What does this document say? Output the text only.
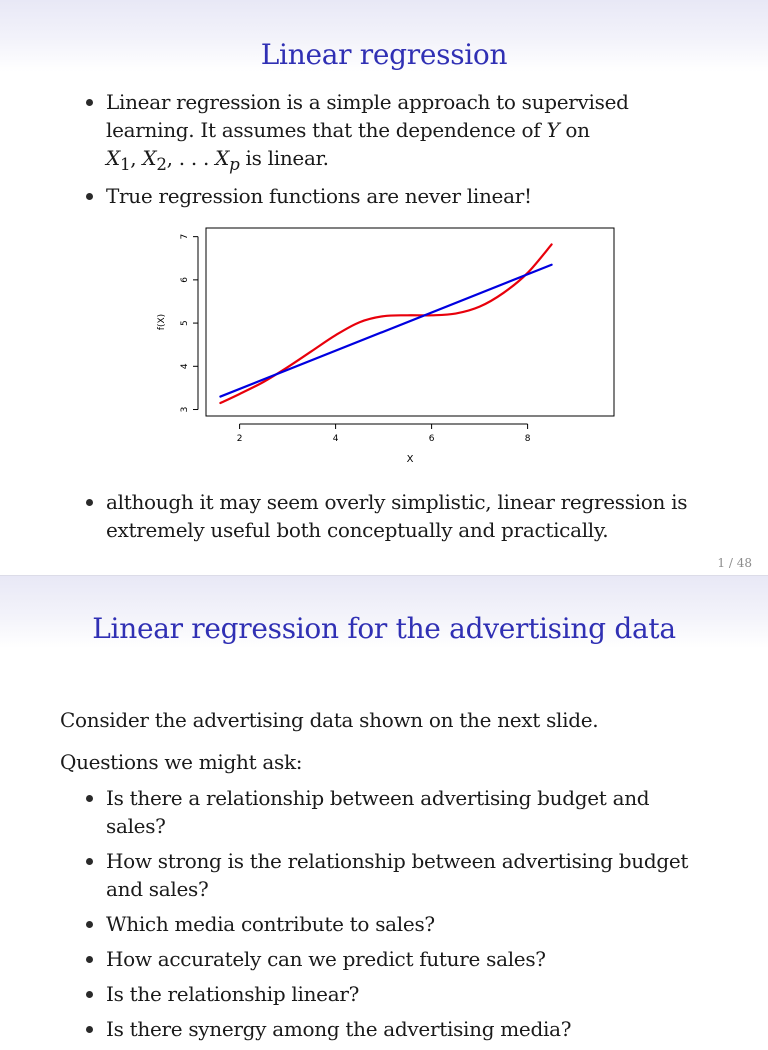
Linear regression
Linear regression is a simple approach to supervised
learning. It assumes that the dependence of Y on
$X_1$, $X_2$, . . . $X_p$ is linear.
True regression functions are never linear!
2	4	6	8
X
3
4
5
6
7
f(X)
although it may seem overly simplistic, linear regression is
extremely useful both conceptually and practically.
1 / 48
Linear regression for the advertising data
Consider the advertising data shown on the next slide.
Questions we might ask:
Is there a relationship between advertising budget and
sales?
How strong is the relationship between advertising budget
and sales?
Which media contribute to sales?
How accurately can we predict future sales?
Is the relationship linear?
Is there synergy among the advertising media?
